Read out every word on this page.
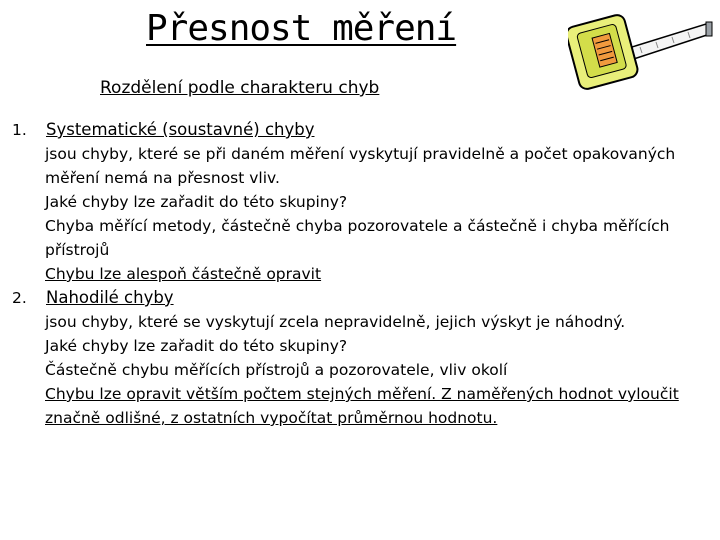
Přesnost měření
Rozdělení podle charakteru chyb
1.	Systematické (soustavné) chyby
jsou chyby, které se při daném měření vyskytují pravidelně a počet opakovaných měření nemá na přesnost vliv.
Jaké chyby lze zařadit do této skupiny?
Chyba měřící metody, částečně chyba pozorovatele a částečně i chyba měřících přístrojů
Chybu lze alespoň částečně opravit
2.	Nahodilé chyby
jsou chyby, které se vyskytují zcela nepravidelně, jejich výskyt je náhodný.
Jaké chyby lze zařadit do této skupiny?
Částečně chybu měřících přístrojů a pozorovatele, vliv okolí
Chybu lze opravit větším počtem stejných měření. Z naměřených hodnot vyloučit značně odlišné, z ostatních vypočítat průměrnou hodnotu.
